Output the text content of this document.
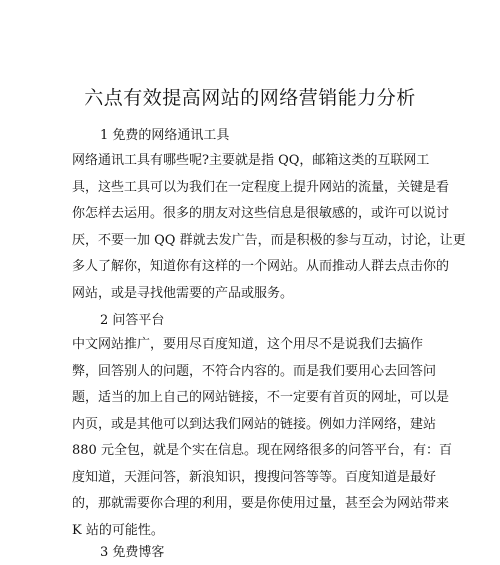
六点有效提高网站的网络营销能力分析
1 免费的网络通讯工具
网络通讯工具有哪些呢?主要就是指 QQ，邮箱这类的互联网工
具，这些工具可以为我们在一定程度上提升网站的流量，关键是看
你怎样去运用。很多的朋友对这些信息是很敏感的，或许可以说讨
厌，不要一加 QQ 群就去发广告，而是积极的参与互动，讨论，让更
多人了解你，知道你有这样的一个网站。从而推动人群去点击你的
网站，或是寻找他需要的产品或服务。
2 问答平台
中文网站推广，要用尽百度知道，这个用尽不是说我们去搞作
弊，回答别人的问题，不符合内容的。而是我们要用心去回答问
题，适当的加上自己的网站链接，不一定要有首页的网址，可以是
内页，或是其他可以到达我们网站的链接。例如力洋网络，建站
880 元全包，就是个实在信息。现在网络很多的问答平台，有：百
度知道，天涯问答，新浪知识，搜搜问答等等。百度知道是最好
的，那就需要你合理的利用，要是你使用过量，甚至会为网站带来
K 站的可能性。
3 免费博客
